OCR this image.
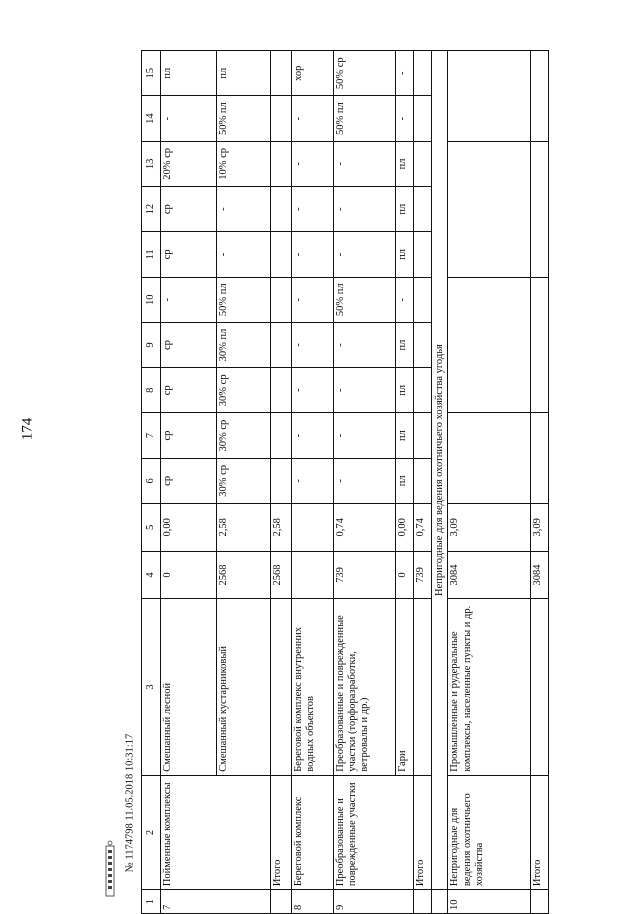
174
№ 1174798 11.05.2018 10:31:17
1	2	3	4	5	6	7	8	9	10	11	12	13	14	15
7	Пойменные комплексы	Смешанный лесной	0	0,00	ср	ср	ср	ср	-	ср	ср	20% ср	-	пл
		Смешанный кустарниковый	2568	2,58	30% ср	30% ср	30% ср	30% пл	50% пл	-	-	10% ср	50% пл	пл
	Итого		2568	2,58										
8	Береговой комплекс	Береговой комплекс внутренних водных объектов			-	-	-	-	-	-	-	-	-	хор
9	Преобразованные и поврежденные участки	Преобразованные и поврежденные участки (торфоразработки, ветровалы и др.)	739	0,74	-	-	-	-	50% пл	-	-	-	50% пл	50% ср
		Гари	0	0,00	пл	пл	пл	пл	-	пл	пл	пл	-	-
	Итого		739	0,74										
	Непригодные для ведения охотничьего хозяйства угодья													
10	Непригодные для ведения охотничьего хозяйства	Промышленные и рудеральные комплексы, населенные пункты и др.	3084	3,09										
	Итого		3084	3,09										
